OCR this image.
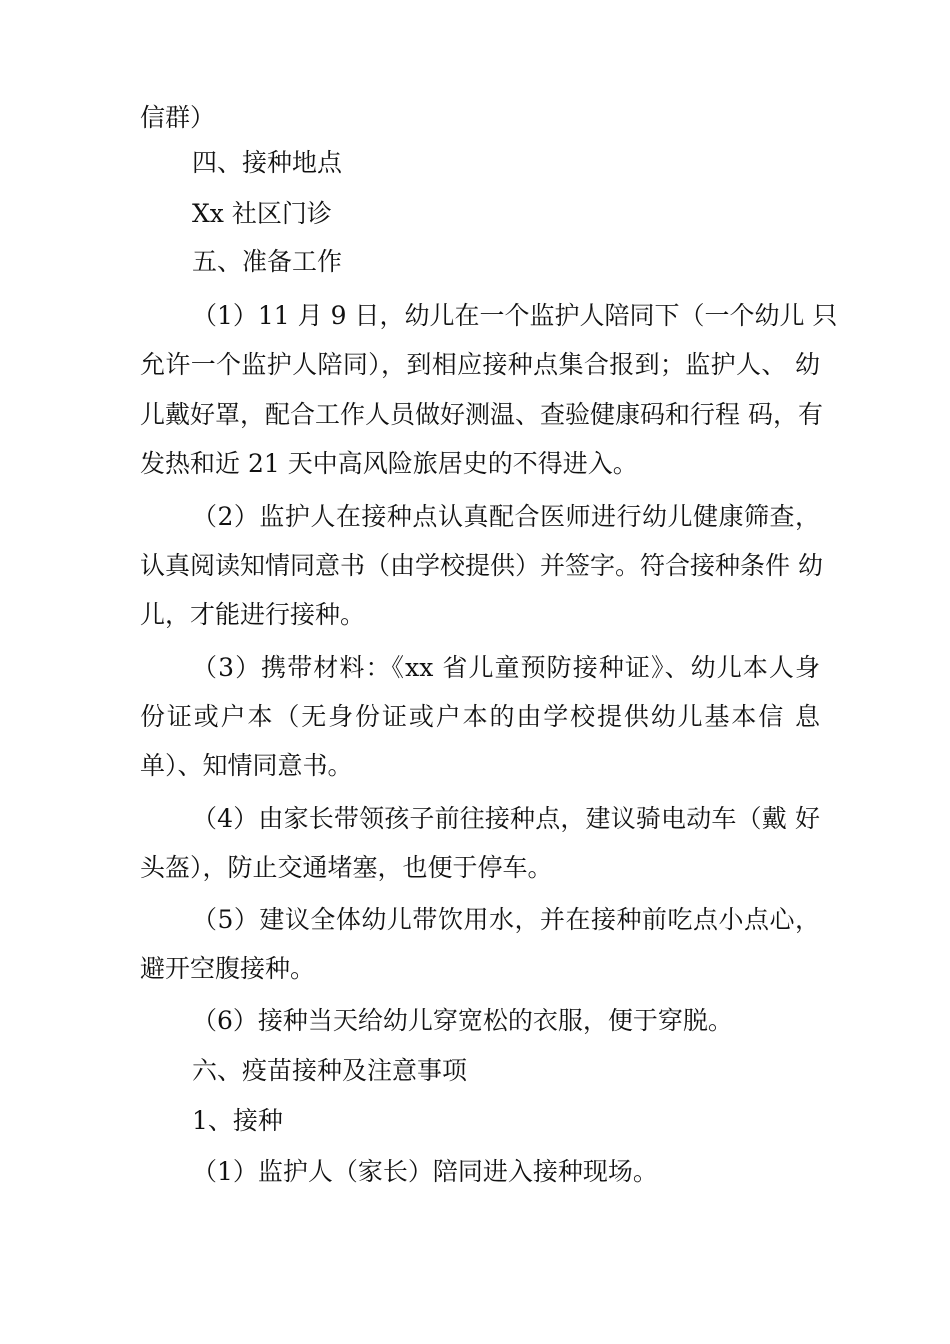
信群）
四、接种地点
Xx 社区门诊
五、准备工作
（1）11 月 9 日，幼儿在一个监护人陪同下（一个幼儿 只
允许一个监护人陪同），到相应接种点集合报到；监护人、 幼
儿戴好罩，配合工作人员做好测温、查验健康码和行程 码，有
发热和近 21 天中高风险旅居史的不得进入。
（2）监护人在接种点认真配合医师进行幼儿健康筛查，
认真阅读知情同意书（由学校提供）并签字。符合接种条件 幼
儿，才能进行接种。
（3）携带材料：《xx 省儿童预防接种证》、幼儿本人身
份证或户本（无身份证或户本的由学校提供幼儿基本信 息
单）、知情同意书。
（4）由家长带领孩子前往接种点，建议骑电动车（戴 好
头盔），防止交通堵塞，也便于停车。
（5）建议全体幼儿带饮用水，并在接种前吃点小点心，
避开空腹接种。
（6）接种当天给幼儿穿宽松的衣服，便于穿脱。
六、疫苗接种及注意事项
1、接种
（1）监护人（家长）陪同进入接种现场。
